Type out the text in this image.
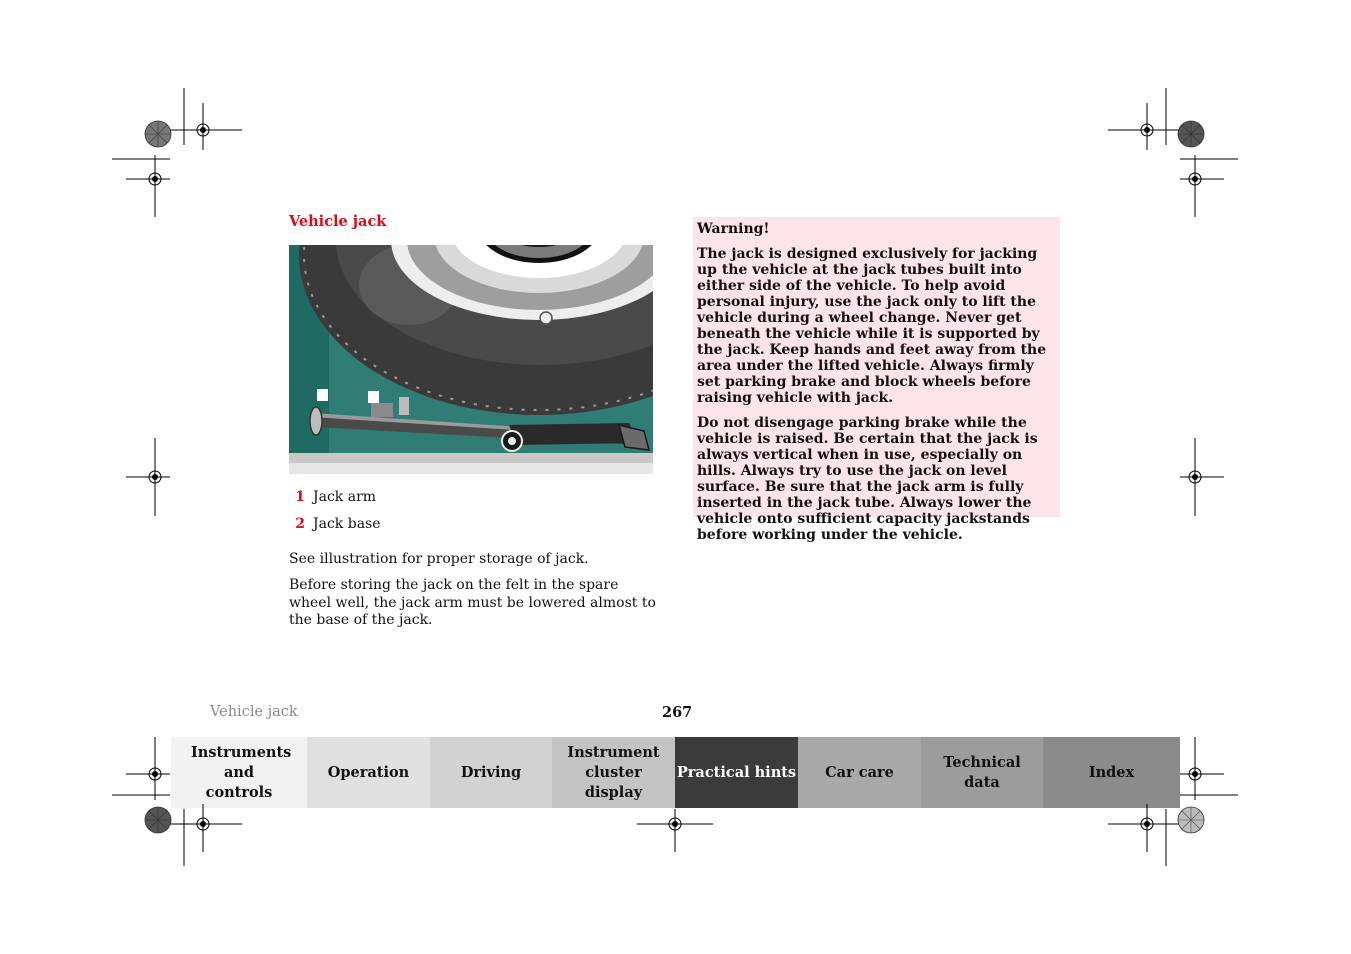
Vehicle jack
1 Jack arm
2 Jack base

See illustration for proper storage of jack.

Before storing the jack on the felt in the spare wheel well, the jack arm must be lowered almost to the base of the jack.

Warning!

The jack is designed exclusively for jacking up the vehicle at the jack tubes built into either side of the vehicle. To help avoid personal injury, use the jack only to lift the vehicle during a wheel change. Never get beneath the vehicle while it is supported by the jack. Keep hands and feet away from the area under the lifted vehicle. Always firmly set parking brake and block wheels before raising vehicle with jack.

Do not disengage parking brake while the vehicle is raised. Be certain that the jack is always vertical when in use, especially on hills. Always try to use the jack on level surface. Be sure that the jack arm is fully inserted in the jack tube. Always lower the vehicle onto sufficient capacity jackstands before working under the vehicle.

Vehicle jack	267
Instruments and controls
Operation	Driving
Instrument cluster display
Practical hints Car care
Technical data
Index
